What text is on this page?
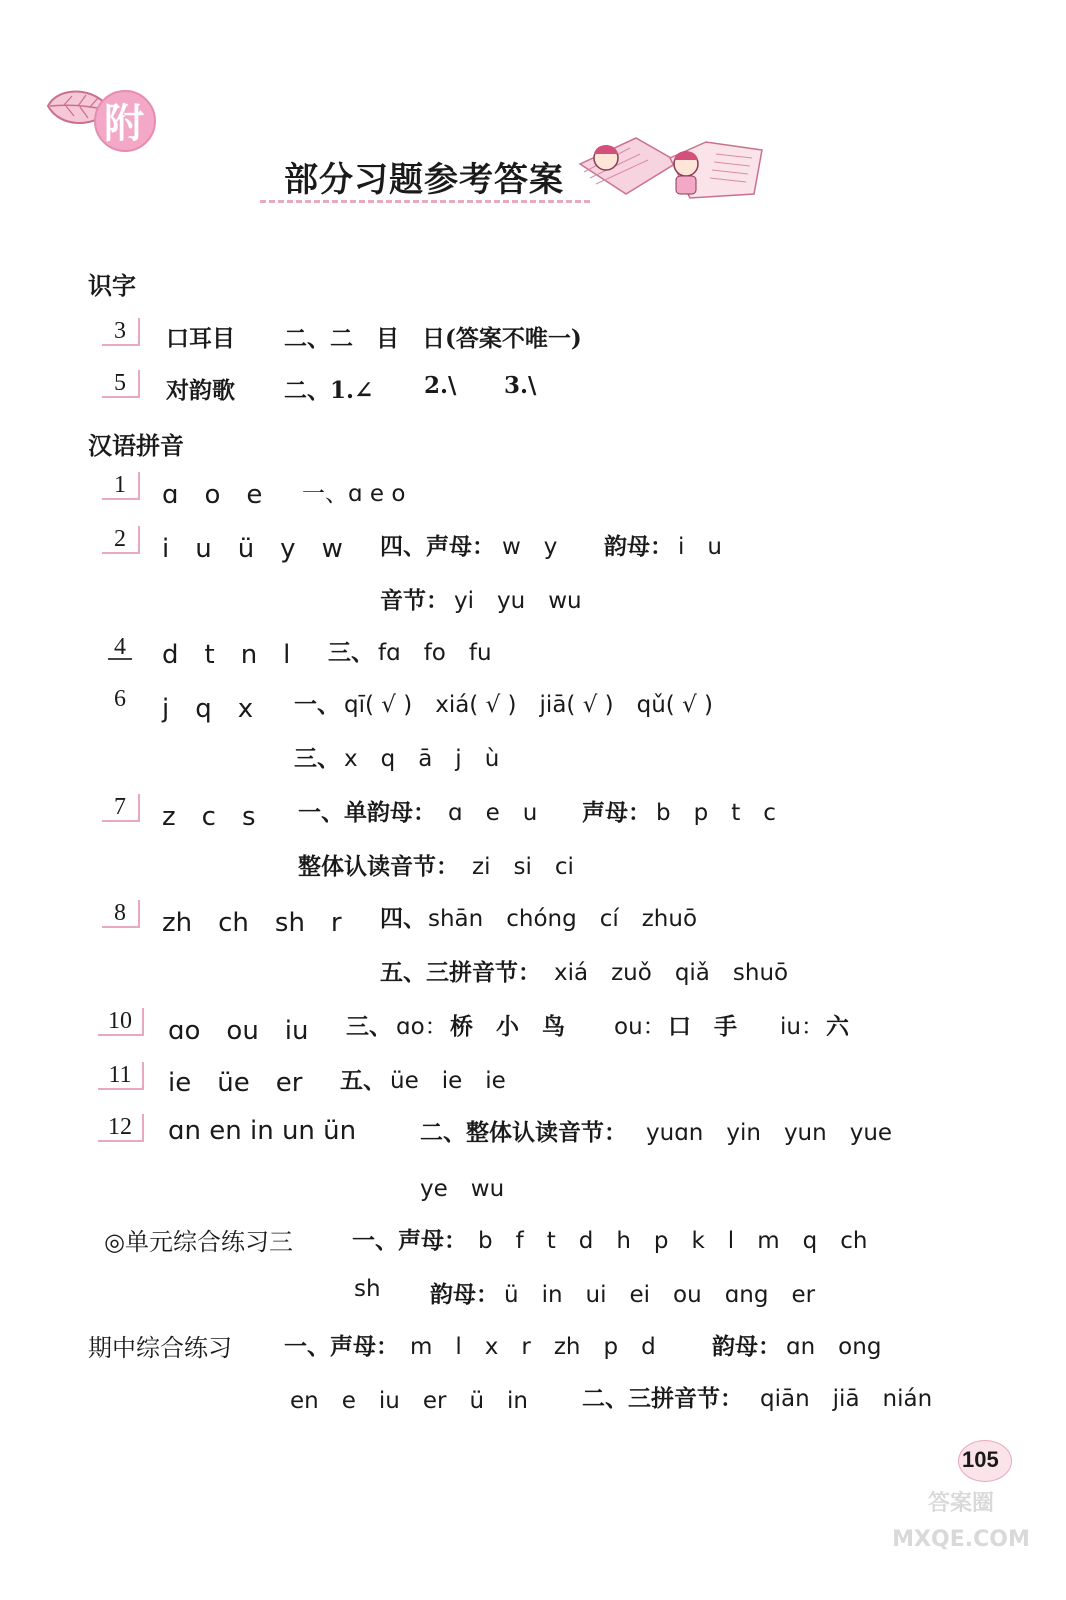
附
部分习题参考答案
识字
3	口耳目 二、二　目　日(答案不唯一)
5	对韵歌 二、1.∠ 2.\ 3.\
汉语拼音
1	ɑ　o　e 一、ɑ e o
2	i　u　ü　y　w 四、声母： w　y 韵母： i　u
音节： yi　yu　wu
4	d　t　n　l 三、 fɑ　fo　fu
6	j　q　x 一、 qī( √ )　xiá( √ )　jiā( √ )　qǔ( √ )
三、 x　q　ā　j　ù
7	z　c　s 一、单韵母： ɑ　e　u 声母： b　p　t　c
整体认读音节： zi　si　ci
8	zh　ch　sh　r 四、 shān　chóng　cí　zhuō
五、三拼音节： xiá　zuǒ　qiǎ　shuō
10 ɑo　ou　iu 三、 ɑo： 桥　小　鸟 ou： 口　手 iu： 六
11 ie　üe　er 五、 üe　ie　ie
12 ɑn en in un ün	二、整体认读音节： yuɑn　yin　yun　yue
ye　wu
◎单元综合练习三	一、声母： b　f　t　d　h　p　k　l　m　q　ch
sh 韵母： ü　in　ui　ei　ou　ɑng　er
期中综合练习 一、声母： m　l　x　r　zh　p　d 韵母： ɑn　ong
en　e　iu　er　ü　in 二、三拼音节： qiān　jiā　nián
105
答案圈 MXQE.COM
